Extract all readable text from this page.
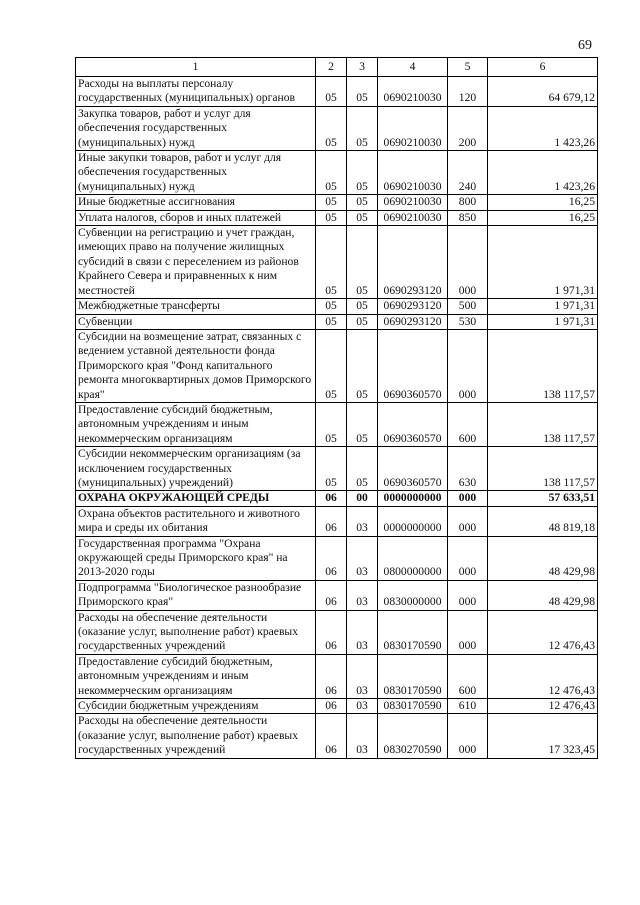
69
1	2	3	4	5	6
Расходы на выплаты персоналу государственных (муниципальных) органов	05	05	0690210030	120	64 679,12
Закупка товаров, работ и услуг для обеспечения государственных (муниципальных) нужд	05	05	0690210030	200	1 423,26
Иные закупки товаров, работ и услуг для обеспечения государственных (муниципальных) нужд	05	05	0690210030	240	1 423,26
Иные бюджетные ассигнования	05	05	0690210030	800	16,25
Уплата налогов, сборов и иных платежей	05	05	0690210030	850	16,25
Субвенции на регистрацию и учет граждан, имеющих право на получение жилищных субсидий в связи с переселением из районов Крайнего Севера и приравненных к ним местностей	05	05	0690293120	000	1 971,31
Межбюджетные трансферты	05	05	0690293120	500	1 971,31
Субвенции	05	05	0690293120	530	1 971,31
Субсидии на возмещение затрат, связанных с ведением уставной деятельности фонда Приморского края "Фонд капитального ремонта многоквартирных домов Приморского края"	05	05	0690360570	000	138 117,57
Предоставление субсидий бюджетным, автономным учреждениям и иным некоммерческим организациям	05	05	0690360570	600	138 117,57
Субсидии некоммерческим организациям (за исключением государственных (муниципальных) учреждений)	05	05	0690360570	630	138 117,57
ОХРАНА ОКРУЖАЮЩЕЙ СРЕДЫ	06	00	0000000000	000	57 633,51
Охрана объектов растительного и животного мира и среды их обитания	06	03	0000000000	000	48 819,18
Государственная программа "Охрана окружающей среды Приморского края" на 2013-2020 годы	06	03	0800000000	000	48 429,98
Подпрограмма "Биологическое разнообразие Приморского края"	06	03	0830000000	000	48 429,98
Расходы на обеспечение деятельности (оказание услуг, выполнение работ) краевых государственных учреждений	06	03	0830170590	000	12 476,43
Предоставление субсидий бюджетным, автономным учреждениям и иным некоммерческим организациям	06	03	0830170590	600	12 476,43
Субсидии бюджетным учреждениям	06	03	0830170590	610	12 476,43
Расходы на обеспечение деятельности (оказание услуг, выполнение работ) краевых государственных учреждений	06	03	0830270590	000	17 323,45
